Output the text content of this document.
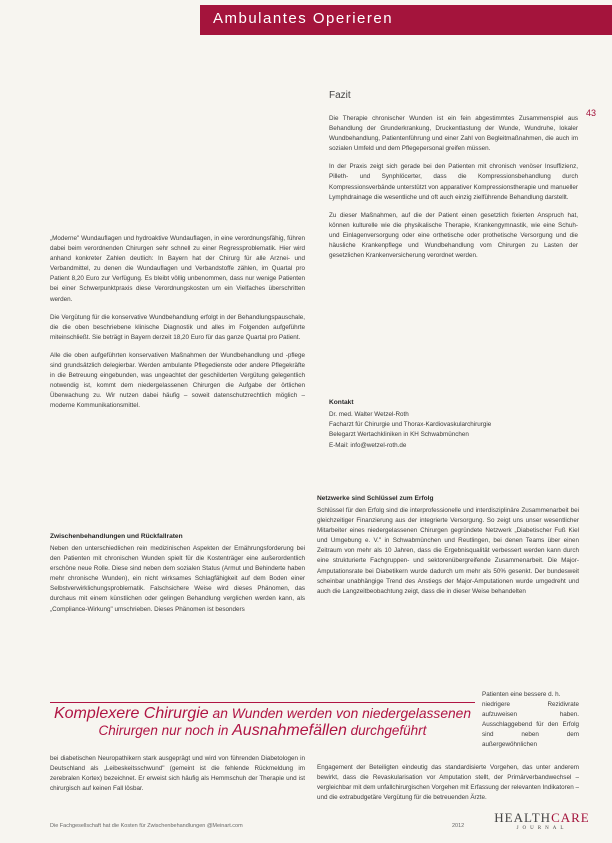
Ambulantes Operieren
43
Fazit

Die Therapie chronischer Wunden ist ein fein abgestimmtes Zusammenspiel aus Behandlung der Grunderkrankung, Druckentlastung der Wunde, Wundruhe, lokaler Wundbehandlung, Patientenführung und einer Zahl von Begleitmaßnahmen, die auch im sozialen Umfeld und dem Pflegepersonal greifen müssen.

In der Praxis zeigt sich gerade bei den Patienten mit chronisch venöser Insuffizienz, Pilleth- und Synphlöcerter, dass die Kompressionsbehandlung durch Kompressionsverbände unterstützt von apparativer Kompressionstherapie und manueller Lymphdrainage die wesentliche und oft auch einzig zielführende Behandlung darstellt.

Zu dieser Maßnahmen, auf die der Patient einen gesetzlich fixierten Anspruch hat, können kulturelle wie die physikalische Therapie, Krankengymnastik, wie eine Schuh- und Einlagenversorgung oder eine orthetische oder prothetische Versorgung und die häusliche Krankenpflege und Wundbehandlung vom Chirurgen zu Lasten der gesetzlichen Krankenversicherung verordnet werden.

Kontakt
Dr. med. Walter Wetzel-Roth
Facharzt für Chirurgie und Thorax-Kardiovaskularchirurgie
Belegarzt Wertachkliniken in KH Schwabmünchen
E-Mail: info@wetzel-roth.de

„Moderne" Wundauflagen und hydroaktive Wundauflagen, in eine verordnungsfähig, führen dabei beim verordnenden Chirurgen sehr schnell zu einer Regressproblematik. Hier wird anhand konkreter Zahlen deutlich: In Bayern hat der Chirurg für alle Arznei- und Verbandmittel, zu denen die Wundauflagen und Verbandstoffe zählen, im Quartal pro Patient 8,20 Euro zur Verfügung. Es bleibt völlig unbenommen, dass nur wenige Patienten bei einer Schwerpunktpraxis diese Verordnungskosten um ein Vielfaches überschritten werden.

Die Vergütung für die konservative Wundbehandlung erfolgt in der Behandlungspauschale, die die oben beschriebene klinische Diagnostik und alles im Folgenden aufgeführte miteinschließt. Sie beträgt in Bayern derzeit 18,20 Euro für das ganze Quartal pro Patient.

Alle die oben aufgeführten konservativen Maßnahmen der Wundbehandlung und -pflege sind grundsätzlich delegierbar. Werden ambulante Pflegedienste oder andere Pflegekräfte in die Betreuung eingebunden, was ungeachtet der geschilderten Vergütung gelegentlich notwendig ist, kommt dem niedergelassenen Chirurgen die Aufgabe der örtlichen Überwachung zu. Wir nutzen dabei häufig – soweit datenschutzrechtlich möglich – moderne Kommunikationsmittel.

Zwischenbehandlungen und Rückfallraten

Neben den unterschiedlichen rein medizinischen Aspekten der Ernährungsforderung bei den Patienten mit chronischen Wunden spielt für die Kostenträger eine außerordentlich erschöne neue Rolle. Diese sind neben dem sozialen Status (Armut und Behinderte haben mehr chronische Wunden), ein nicht wirksames Schlagfähigkeit auf dem Boden einer Selbstverwirklichungsproblematik. Falschsichere Weise wird dieses Phänomen, das durchaus mit einem künstlichen oder gelingen Behandlung verglichen werden kann, als „Compliance-Wirkung" umschrieben. Dieses Phänomen ist besonders

Netzwerke sind Schlüssel zum Erfolg

Schlüssel für den Erfolg sind die interprofessionelle und interdisziplinäre Zusammenarbeit bei gleichzeitiger Finanzierung aus der integrierte Versorgung. So zeigt uns unser wesentlicher Mitarbeiter eines niedergelassenen Chirurgen gegründete Netzwerk „Diabetischer Fuß Kiel und Umgebung e. V." in Schwabmünchen und Reutlingen, bei denen Teams über einen Zeitraum von mehr als 10 Jahren, dass die Ergebnisqualität verbessert werden kann durch eine strukturierte Fachgruppen- und sektorenübergreifende Zusammenarbeit. Die Major-Amputationsrate bei Diabetikern wurde dadurch um mehr als 50% gesenkt. Der bundesweit scheinbar unabhängige Trend des Anstiegs der Major-Amputationen wurde umgedreht und auch die Langzeitbeobachtung zeigt, dass die in dieser Weise behandelten

Patienten eine bessere d. h.

niedrigere Rezidivrate aufzuweisen haben. Ausschlaggebend für den Erfolg sind neben dem außergewöhnlichen

Engagement der Beteiligten eindeutig das standardisierte Vorgehen, das unter anderem bewirkt, dass die Revaskularisation vor Amputation stellt, der Primärverbandwechsel – vergleichbar mit dem unfallchirurgischen Vorgehen mit Erfassung der relevanten Indikatoren – und die extrabudgetäre Vergütung für die betreuenden Ärzte.

Komplexere Chirurgie an Wunden werden von niedergelassenen
Chirurgen nur noch in Ausnahmefällen durchgeführt

bei diabetischen Neuropathikern stark ausgeprägt und wird von führenden Diabetologen in Deutschland als „Leibeskeitsschwund" (gemeint ist die fehlende Rückmeldung im zerebralen Kortex) bezeichnet. Er erweist sich häufig als Hemmschuh der Therapie und ist chirurgisch auf keinen Fall lösbar.

Die Fachgesellschaft hat die Kosten für Zwischenbehandlungen @Meinart.com	2012
HEALTHCARE
JOURNAL
